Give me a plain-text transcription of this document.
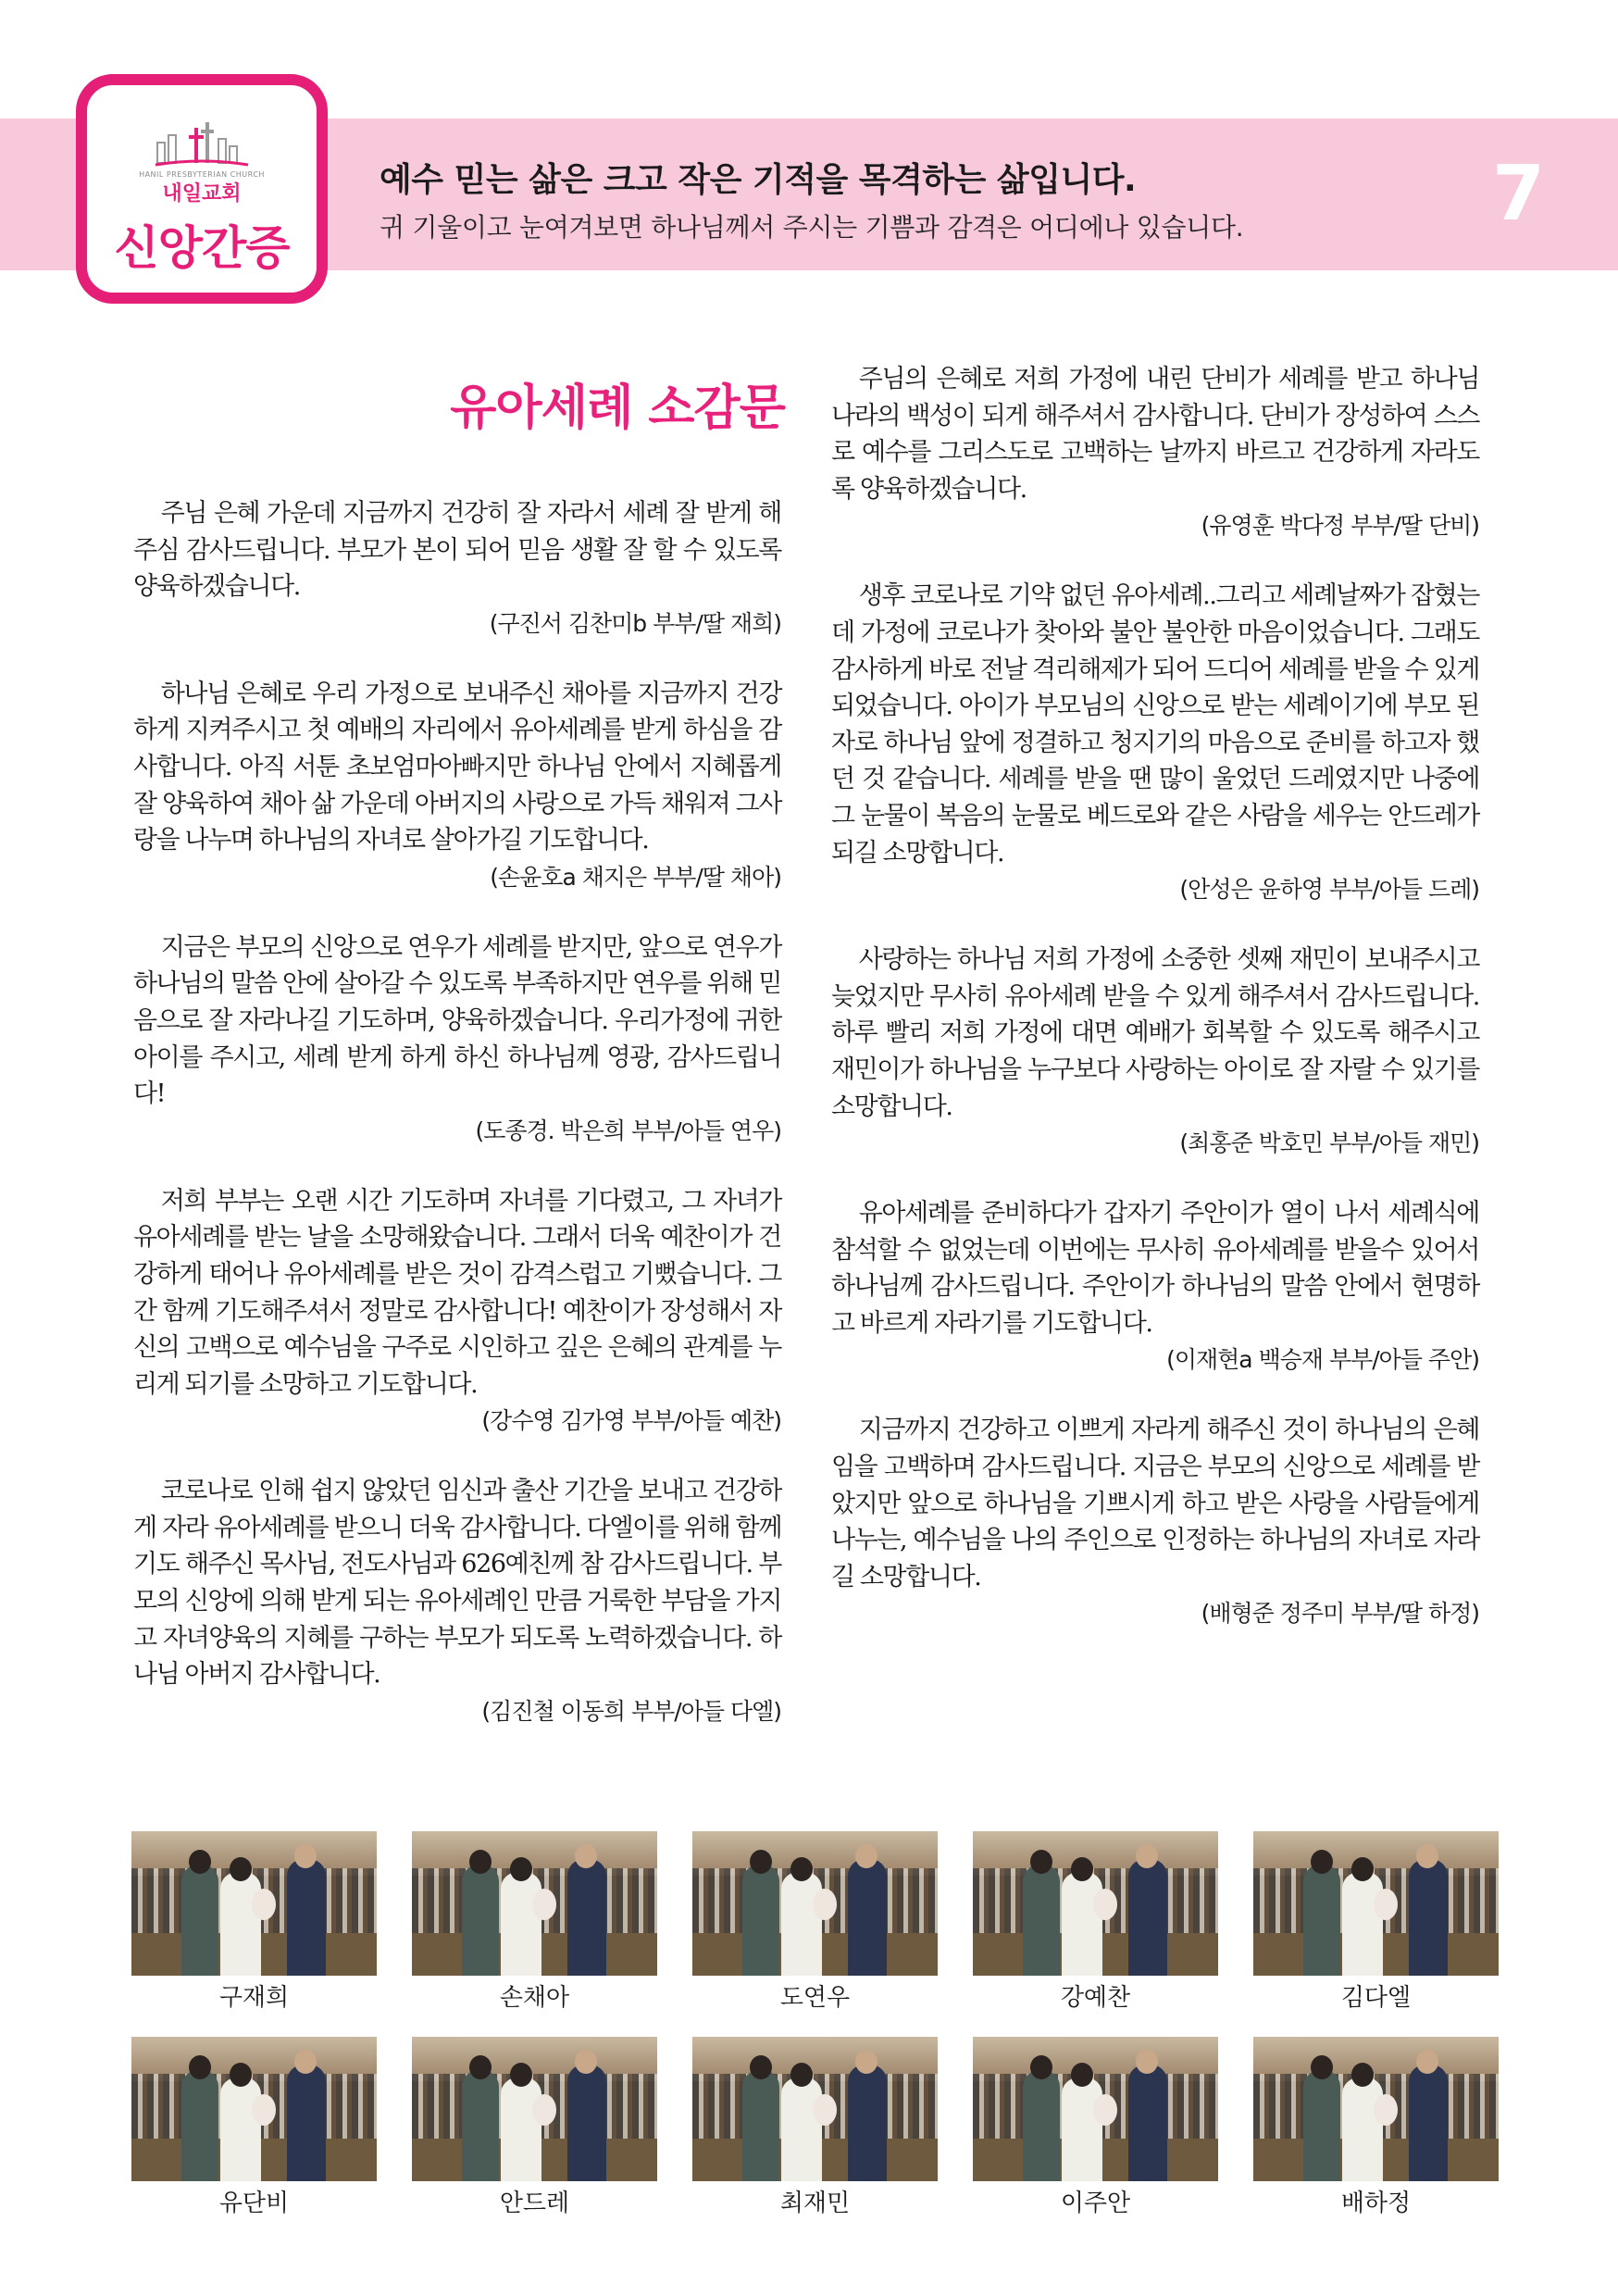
HANIL PRESBYTERIAN CHURCH
내일교회
신앙간증
예수 믿는 삶은 크고 작은 기적을 목격하는 삶입니다.
귀 기울이고 눈여겨보면 하나님께서 주시는 기쁨과 감격은 어디에나 있습니다.	7
유아세례 소감문
주님 은혜 가운데 지금까지 건강히 잘 자라서 세례 잘 받게 해주심 감사드립니다. 부모가 본이 되어 믿음 생활 잘 할 수 있도록 양육하겠습니다.
(구진서 김찬미b 부부/딸 재희)
하나님 은혜로 우리 가정으로 보내주신 채아를 지금까지 건강하게 지켜주시고 첫 예배의 자리에서 유아세례를 받게 하심을 감사합니다. 아직 서툰 초보엄마아빠지만 하나님 안에서 지혜롭게 잘 양육하여 채아 삶 가운데 아버지의 사랑으로 가득 채워져 그사랑을 나누며 하나님의 자녀로 살아가길 기도합니다.
(손윤호a 채지은 부부/딸 채아)
지금은 부모의 신앙으로 연우가 세례를 받지만, 앞으로 연우가 하나님의 말씀 안에 살아갈 수 있도록 부족하지만 연우를 위해 믿음으로 잘 자라나길 기도하며, 양육하겠습니다. 우리가정에 귀한 아이를 주시고, 세례 받게 하게 하신 하나님께 영광, 감사드립니다!
(도종경. 박은희 부부/아들 연우)
저희 부부는 오랜 시간 기도하며 자녀를 기다렸고, 그 자녀가 유아세례를 받는 날을 소망해왔습니다. 그래서 더욱 예찬이가 건강하게 태어나 유아세례를 받은 것이 감격스럽고 기뻤습니다. 그간 함께 기도해주셔서 정말로 감사합니다! 예찬이가 장성해서 자신의 고백으로 예수님을 구주로 시인하고 깊은 은혜의 관계를 누리게 되기를 소망하고 기도합니다.
(강수영 김가영 부부/아들 예찬)
코로나로 인해 쉽지 않았던 임신과 출산 기간을 보내고 건강하게 자라 유아세례를 받으니 더욱 감사합니다. 다엘이를 위해 함께 기도 해주신 목사님, 전도사님과 626예친께 참 감사드립니다. 부모의 신앙에 의해 받게 되는 유아세례인 만큼 거룩한 부담을 가지고 자녀양육의 지혜를 구하는 부모가 되도록 노력하겠습니다. 하나님 아버지 감사합니다.
(김진철 이동희 부부/아들 다엘)
주님의 은혜로 저희 가정에 내린 단비가 세례를 받고 하나님 나라의 백성이 되게 해주셔서 감사합니다. 단비가 장성하여 스스로 예수를 그리스도로 고백하는 날까지 바르고 건강하게 자라도록 양육하겠습니다.
(유영훈 박다정 부부/딸 단비)
생후 코로나로 기약 없던 유아세례..그리고 세례날짜가 잡혔는데 가정에 코로나가 찾아와 불안 불안한 마음이었습니다. 그래도 감사하게 바로 전날 격리해제가 되어 드디어 세례를 받을 수 있게 되었습니다. 아이가 부모님의 신앙으로 받는 세례이기에 부모 된 자로 하나님 앞에 정결하고 청지기의 마음으로 준비를 하고자 했던 것 같습니다. 세례를 받을 땐 많이 울었던 드레였지만 나중에 그 눈물이 복음의 눈물로 베드로와 같은 사람을 세우는 안드레가 되길 소망합니다.
(안성은 윤하영 부부/아들 드레)
사랑하는 하나님 저희 가정에 소중한 셋째 재민이 보내주시고 늦었지만 무사히 유아세례 받을 수 있게 해주셔서 감사드립니다. 하루 빨리 저희 가정에 대면 예배가 회복할 수 있도록 해주시고 재민이가 하나님을 누구보다 사랑하는 아이로 잘 자랄 수 있기를 소망합니다.
(최홍준 박호민 부부/아들 재민)
유아세례를 준비하다가 갑자기 주안이가 열이 나서 세례식에 참석할 수 없었는데 이번에는 무사히 유아세례를 받을수 있어서 하나님께 감사드립니다. 주안이가 하나님의 말씀 안에서 현명하고 바르게 자라기를 기도합니다.
(이재현a 백승재 부부/아들 주안)
지금까지 건강하고 이쁘게 자라게 해주신 것이 하나님의 은혜임을 고백하며 감사드립니다. 지금은 부모의 신앙으로 세례를 받았지만 앞으로 하나님을 기쁘시게 하고 받은 사랑을 사람들에게 나누는, 예수님을 나의 주인으로 인정하는 하나님의 자녀로 자라길 소망합니다.
(배형준 정주미 부부/딸 하정)
구재희	손채아	도연우	강예찬	김다엘
유단비	안드레	최재민	이주안	배하정
